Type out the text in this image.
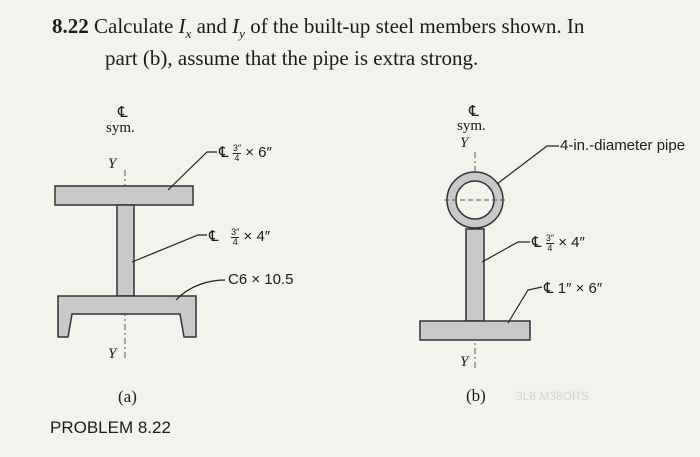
8.22 Calculate $I_x$ and $I_y$ of the built-up steel members shown. In
part (b), assume that the pipe is extra strong.
℄
sym.
Y
Y
℄ $\frac{3''}{4} \times 6''$
℄ $\frac{3''}{4} \times 4''$
C6 × 10.5
(a)
℄
sym.
Y
Y
4-in.-diameter pipe
℄ $\frac{3''}{4} \times 4''$
℄ 1″ × 6″
(b)	3L8 M38ORS
PROBLEM 8.22
